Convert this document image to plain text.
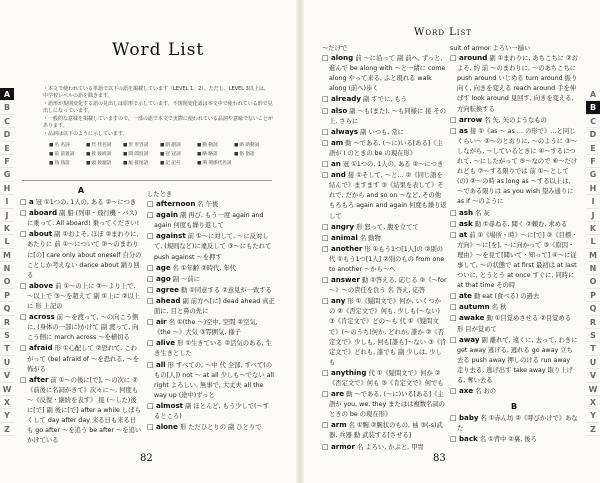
A
B
C
D
E
F
G
H
I
J
K
L
M
N
O
P
Q
R
S
T
U
V
W
X
Y
Z
Word List

・本文で使われている単語で以下の語を掲載しています（LEVEL 1、2）。ただし、LEVEL 3以上は、中学校レベルの語を除きます。

・語形が規則変化する語の見出しは原形で示しています。不規則変化語は本文中で使われている形で見出しになっています。

・一般的な意味を掲載していますので、一部の語で本文で実際に使われている品詞や意味でないことがあります。

・品詞は以下のように示しています。

■ 名 名詞	■ 代 代名詞	■ 形 形容詞	■ 副 副詞	■ 動 動詞	■ 助 助動詞
■ 前 前置詞	■ 接 接続詞	■ 間 間投詞	■ 冠 冠詞	■ 略 略語	■ 俗 俗語
■ 熟 熟語	■ 頭 接頭語	■ 尾 接尾語	■ 記 記号	■ 関 関係代名詞
A
□ a 冠 ①1つの, 1人の, ある ②～につき
□ aboard 副 船 (列車・飛行機・バス)に乗って. All aboard! 乗ってください!
□ about 副 ①およそ, ほぼ ②まわりに, あたりに 前 ①～について ②～のまわりに[の] care only about oneself 自分のことしか考えない dance about 踊り回る
□ above 前 ①～の上に ②～より上で, ～以上で ③～を超えて 副 ①上に ②以上に 形 上記の
□ across 前 ～を渡って, ～の向こう側に, (身体の一部に)かけて 副 渡って, 向こう側に march across ～を横切る
□ afraid 形 ①心配して ②恐れて, こわがって (be) afraid of ～を恐れる, ～を怖がる
□ after 前 ①～の後に[で], ～の次に ②《前後に名詞がきて》次々に～, 何度も～《反復・継続を表す》 接 (～した)後に[で] 副 後に[で] after a while しばらくして day after day 来る日も来る日も go after ～を追う be after ～を追いかけている
したとき
□ afternoon 名 午後
□ again 副 再び, もう一度 again and again 何度も繰り返して
□ against 前 ①～に対して, ～に反対して, (規則など)に違反して ③～にもたれて push against ～を押す
□ age 名 ①年齢 ②時代, 年代
□ ago 副 ～前に
□ agree 動 ①同意する ②意見が一致する
□ ahead 副 前方へ[に] dead ahead 真正面に, 目と鼻の先に
□ air 名 ①(the ～)空中, 空間 ②空気, 《the ～》大気 ③雰囲気, 様子
□ alive 形 ①生きている ②活気のある, 生き生きとした
□ all 形 すべての, ～中 代 全部, すべて(のもの[人]) not ～ at all 少しも～でない all right よろしい, 無事で, 大丈夫 all the way up (途中)ずっと
□ almost 副 ほとんど, もう少しで(～するところ)
□ alone 形 ただひとりの 副 ひとりで
82
Word List
～だけで
□ along 前 ～に沿って 副 前へ, ずっと, 進んで be along with ～と一緒に come along やって来る, ふと現れる walk along (前へ)歩く
□ already 副 すでに, もう
□ also 副 ～も(また), ～も同様に 接 その上, さらに
□ always 副 いつも, 常に
□ am 動 ～である, (～に)いる[ある]《主語が I のときの be の現在形》
□ an 冠 ①1つの, 1人の, ある ②～につき
□ and 接 ①そして, ～と… ②《同じ語を結んで》ますます ③《結果を表して》それで, だから and so on ～など, その他もろもろ again and again 何度も繰り返して
□ angry 形 怒って, 腹を立てて
□ animal 名 動物
□ another 形 ①もう1つ[1人]の ②別の 代 ①もう1つ[1人] ②別のもの from one to another ～から～へ
□ answer 動 ①答える, 応じる ②《～for ～》～の責任を負う 名 答え, 応答
□ any 形 ①《疑問文で》何か, いくつかの ②《否定文で》何も, 少しも(～ない) ③《肯定文で》どの～も 代 ①《疑問文で》(～のうち)何か, どれか, 誰か ②《否定文で》少しも, 何も[誰も]～ない ③《肯定文で》どれも, 誰でも 副 少しは, 少しも
□ anything 代 ①《疑問文で》何か ②《否定文で》何も ③《肯定文で》何でも
□ are 動 ～である, (～に)いる[ある]《主語が you, we, they またはは複数名詞のときの be の現在形》
□ arm 名 ①腕 ②腕状のもの, 袖 ③(-s)武器, 兵器 動 武装する[させる]
□ armor 名 よろい, かぶと, 甲冑
suit of armor よろい一揃い
□ around 副 ①まわりに, あちこちに ②およそ, 約 前 ～のまわりに, ～のあちこちに push around いじめる turn around 振り向く, 向きを変える reach around 手を伸ばす look around 見回す, 向きを変える, 方向転換する
□ arrow 名 矢, 矢のようなもの
□ as 接 ①《as ～ as … の形で》…と同じくらい～ ②～のとおりに, ～のように ③～しながら, ～しているときに ④～するにつれて, ～にしたがって ⑤～なので ⑥～だけれども ⑦～する限りでは 前 ①～として(の) ②～の時 as long as ～する以上は, ～である限りは as you wish 望み通りに as if ～のように
□ ash 名 灰
□ ask 動 ①尋ねる, 聞く ②頼む, 求める
□ at 前 ①《場所・時》～に[で] ②《目標・方向》～に[を], ～に向かって ③《原因・理由》～を見て[聞いて・知って] ④～に従事して, ～の状態で at first 最初は at last ついに, とうとう at once すぐに, 同時に at that time その時
□ ate 動 eat (食べる) の過去
□ autumn 名 秋
□ awake 動 ①目覚めさせる ②目覚める 形 目が覚めて
□ away 副 離れて, 遠くに, 去って, わきに get away 逃げる, 逃れる go away 立ち去る push away 押しのける run away 走り去る, 逃げ出す take away 取り上げる, 奪い去る
□ axe 名 おの
B
□ baby 名 ①赤ん坊 ②《呼びかけで》あなた
□ back 名 ①背中 ②裏, 後ろ
A
B
C
D
E
F
G
H
I
J
K
L
M
N
O
P
Q
R
S
T
U
V
W
X
Y
Z
83
